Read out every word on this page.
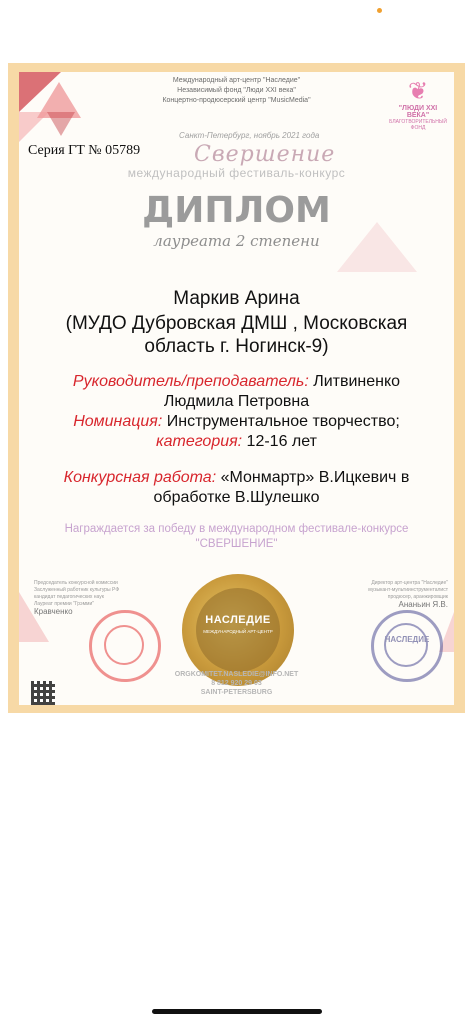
Международный арт-центр "Наследие"
Независимый фонд "Люди XXI века"
Концертно-продюсерский центр "MusicMedia"	❦
"ЛЮДИ XXI ВЕКА"
БЛАГОТВОРИТЕЛЬНЫЙ ФОНД
Серия ГТ № 05789
Санкт-Петербург, ноябрь 2021 года
Свершение
международный фестиваль-конкурс
ДИПЛОМ
лауреата 2 степени
Маркив Арина
(МУДО Дубровская ДМШ , Московская область г. Ногинск-9)
Руководитель/преподаватель: Литвиненко Людмила Петровна
Номинация: Инструментальное творчество;
категория: 12-16 лет
Конкурсная работа: «Монмартр» В.Ицкевич в обработке В.Шулешко
Награждается за победу в международном фестивале-конкурсе
"СВЕРШЕНИЕ"
Председатель конкурсной комиссии
Заслуженный работник культуры РФ
кандидат педагогических наук
Лауреат премии "Грэмми"
Кравченко
НАСЛЕДИЕ
МЕЖДУНАРОДНЫЙ АРТ-ЦЕНТР
Директор арт-центра "Наследие"
музыкант-мультиинструменталист
продюсер, аранжировщик
Ананьин Я.В.
НАСЛЕДИЕ
ORGKOMITET.NASLEDIE@INFO.NET
8 812 920 29 03
SAINT-PETERSBURG
